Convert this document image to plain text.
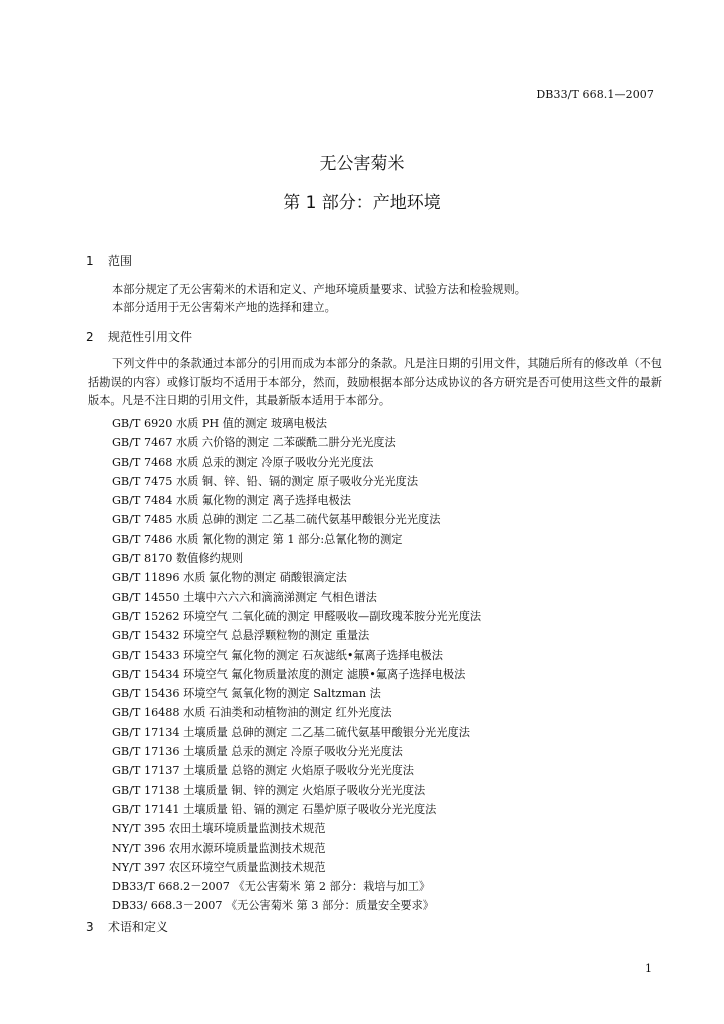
DB33/T 668.1—2007
无公害菊米
第 1 部分：产地环境
1 范围
本部分规定了无公害菊米的术语和定义、产地环境质量要求、试验方法和检验规则。
本部分适用于无公害菊米产地的选择和建立。
2 规范性引用文件
下列文件中的条款通过本部分的引用而成为本部分的条款。凡是注日期的引用文件，其随后所有的修改单（不包括勘误的内容）或修订版均不适用于本部分，然而，鼓励根据本部分达成协议的各方研究是否可使用这些文件的最新版本。凡是不注日期的引用文件，其最新版本适用于本部分。
GB/T 6920 水质 PH 值的测定 玻璃电极法
GB/T 7467 水质 六价铬的测定 二苯碳酰二肼分光光度法
GB/T 7468 水质 总汞的测定 冷原子吸收分光光度法
GB/T 7475 水质 铜、锌、铅、镉的测定 原子吸收分光光度法
GB/T 7484 水质 氟化物的测定 离子选择电极法
GB/T 7485 水质 总砷的测定 二乙基二硫代氨基甲酸银分光光度法
GB/T 7486 水质 氰化物的测定 第 1 部分:总氰化物的测定
GB/T 8170 数值修约规则
GB/T 11896 水质 氯化物的测定 硝酸银滴定法
GB/T 14550 土壤中六六六和滴滴涕测定 气相色谱法
GB/T 15262 环境空气 二氧化硫的测定 甲醛吸收—副玫瑰苯胺分光光度法
GB/T 15432 环境空气 总悬浮颗粒物的测定 重量法
GB/T 15433 环境空气 氟化物的测定 石灰滤纸•氟离子选择电极法
GB/T 15434 环境空气 氟化物质量浓度的测定 滤膜•氟离子选择电极法
GB/T 15436 环境空气 氮氧化物的测定 Saltzman 法
GB/T 16488 水质 石油类和动植物油的测定 红外光度法
GB/T 17134 土壤质量 总砷的测定 二乙基二硫代氨基甲酸银分光光度法
GB/T 17136 土壤质量 总汞的测定 冷原子吸收分光光度法
GB/T 17137 土壤质量 总铬的测定 火焰原子吸收分光光度法
GB/T 17138 土壤质量 铜、锌的测定 火焰原子吸收分光光度法
GB/T 17141 土壤质量 铅、镉的测定 石墨炉原子吸收分光光度法
NY/T 395 农田土壤环境质量监测技术规范
NY/T 396 农用水源环境质量监测技术规范
NY/T 397 农区环境空气质量监测技术规范
DB33/T 668.2－2007 《无公害菊米 第 2 部分：栽培与加工》
DB33/ 668.3－2007 《无公害菊米 第 3 部分：质量安全要求》
3 术语和定义
1
